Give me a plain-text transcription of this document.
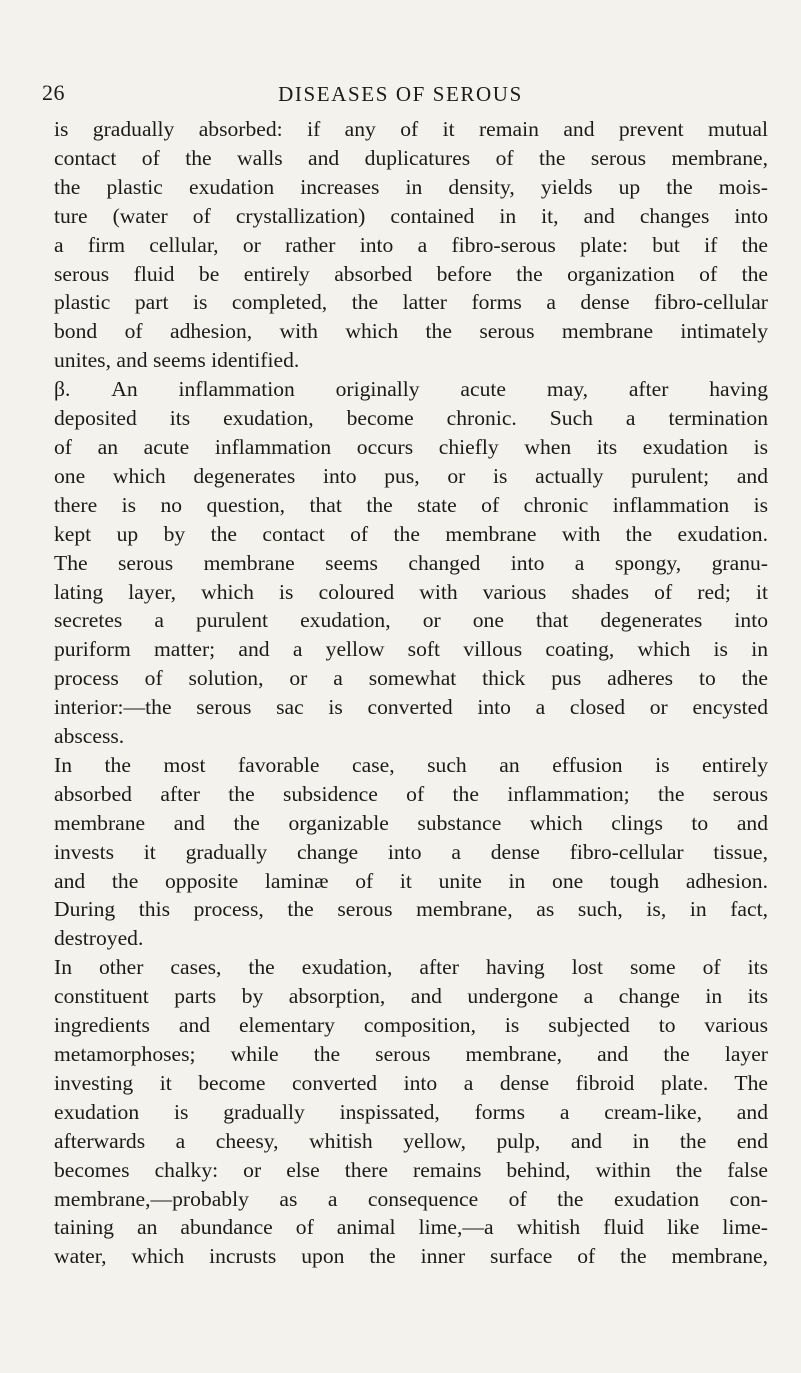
26	DISEASES OF SEROUS

is gradually absorbed: if any of it remain and prevent mutual
contact of the walls and duplicatures of the serous membrane,
the plastic exudation increases in density, yields up the mois-
ture (water of crystallization) contained in it, and changes into
a firm cellular, or rather into a fibro-serous plate: but if the
serous fluid be entirely absorbed before the organization of the
plastic part is completed, the latter forms a dense fibro-cellular
bond of adhesion, with which the serous membrane intimately
unites, and seems identified.

β. An inflammation originally acute may, after having
deposited its exudation, become chronic. Such a termination
of an acute inflammation occurs chiefly when its exudation is
one which degenerates into pus, or is actually purulent; and
there is no question, that the state of chronic inflammation is
kept up by the contact of the membrane with the exudation.
The serous membrane seems changed into a spongy, granu-
lating layer, which is coloured with various shades of red; it
secretes a purulent exudation, or one that degenerates into
puriform matter; and a yellow soft villous coating, which is in
process of solution, or a somewhat thick pus adheres to the
interior:—the serous sac is converted into a closed or encysted
abscess.

In the most favorable case, such an effusion is entirely
absorbed after the subsidence of the inflammation; the serous
membrane and the organizable substance which clings to and
invests it gradually change into a dense fibro-cellular tissue,
and the opposite laminæ of it unite in one tough adhesion.
During this process, the serous membrane, as such, is, in fact,
destroyed.

In other cases, the exudation, after having lost some of its
constituent parts by absorption, and undergone a change in its
ingredients and elementary composition, is subjected to various
metamorphoses; while the serous membrane, and the layer
investing it become converted into a dense fibroid plate. The
exudation is gradually inspissated, forms a cream-like, and
afterwards a cheesy, whitish yellow, pulp, and in the end
becomes chalky: or else there remains behind, within the false
membrane,—probably as a consequence of the exudation con-
taining an abundance of animal lime,—a whitish fluid like lime-
water, which incrusts upon the inner surface of the membrane,
